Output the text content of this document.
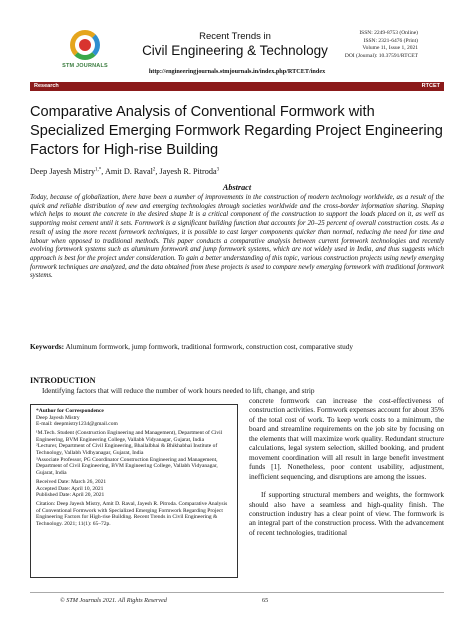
STM JOURNALS
Recent Trends in
Civil Engineering & Technology
ISSN: 2249-8753 (Online)
ISSN: 2321-6476 (Print)
Volume 11, Issue 1, 2021
DOI (Journal): 10.37591/RTCET
http://engineeringjournals.stmjournals.in/index.php/RTCET/index
Research	RTCET
Comparative Analysis of Conventional Formwork with Specialized Emerging Formwork Regarding Project Engineering Factors for High-rise Building
Deep Jayesh Mistry$^{1,*}$, Amit D. Raval$^2$, Jayesh R. Pitroda$^3$
Abstract
Today, because of globalization, there have been a number of improvements in the construction of modern technology worldwide, as a result of the quick and reliable distribution of new and emerging technologies through societies worldwide and the cross-border information sharing. Shaping which helps to mount the concrete in the desired shape It is a critical component of the construction to support the loads placed on it, as well as supporting moist cement until it sets. Formwork is a significant building function that accounts for 20–25 percent of overall construction costs. As a result of using the more recent formwork techniques, it is possible to cast larger components quicker than normal, reducing the need for time and labour when opposed to traditional methods. This paper conducts a comparative analysis between current formwork technologies and recently evolving formwork systems such as aluminum formwork and jump formwork systems, which are not widely used in India, and thus suggests which approach is best for the project under consideration. To gain a better understanding of this topic, various construction projects using newly emerging formwork techniques are analyzed, and the data obtained from these projects is used to compare newly emerging formwork with traditional formwork systems.
Keywords: Aluminum formwork, jump formwork, traditional formwork, construction cost, comparative study
INTRODUCTION
Identifying factors that will reduce the number of work hours needed to lift, change, and strip
*Author for Correspondence
Deep Jayesh Mistry
E-mail: deepmistry1234@gmail.com
¹M.Tech. Student (Construction Engineering and Management), Department of Civil Engineering, BVM Engineering College, Vallabh Vidyanagar, Gujarat, India
²Lecturer, Department of Civil Engineering, Bhailalbhai & Bhikhabhai Institute of Technology, Vallabh Vidhyanagar, Gujarat, India
³Associate Professor, PG Coordinator Construction Engineering and Management, Department of Civil Engineering, BVM Engineering College, Vallabh Vidyanagar, Gujarat, India
Received Date: March 26, 2021
Accepted Date: April 10, 2021
Published Date: April 20, 2021
Citation: Deep Jayesh Mistry, Amit D. Raval, Jayesh R. Pitroda. Comparative Analysis of Conventional Formwork with Specialized Emerging Formwork Regarding Project Engineering Factors for High-rise Building. Recent Trends in Civil Engineering & Technology. 2021; 11(1): 65–72p.

concrete formwork can increase the cost-effectiveness of construction activities. Formwork expenses account for about 35% of the total cost of work. To keep work costs to a minimum, the board and streamline requirements on the job site by focusing on the elements that will maximize work quality. Redundant structure calculations, legal system selection, skilled booking, and prudent movement coordination will all result in large benefit investment funds [1]. Nonetheless, poor content usability, adjustment, inefficient sequencing, and disruptions are among the issues.

If supporting structural members and weights, the formwork should also have a seamless and high-quality finish. The construction industry has a clear point of view. The formwork is an integral part of the construction process. With the advancement of recent technologies, traditional

© STM Journals 2021. All Rights Reserved	65
